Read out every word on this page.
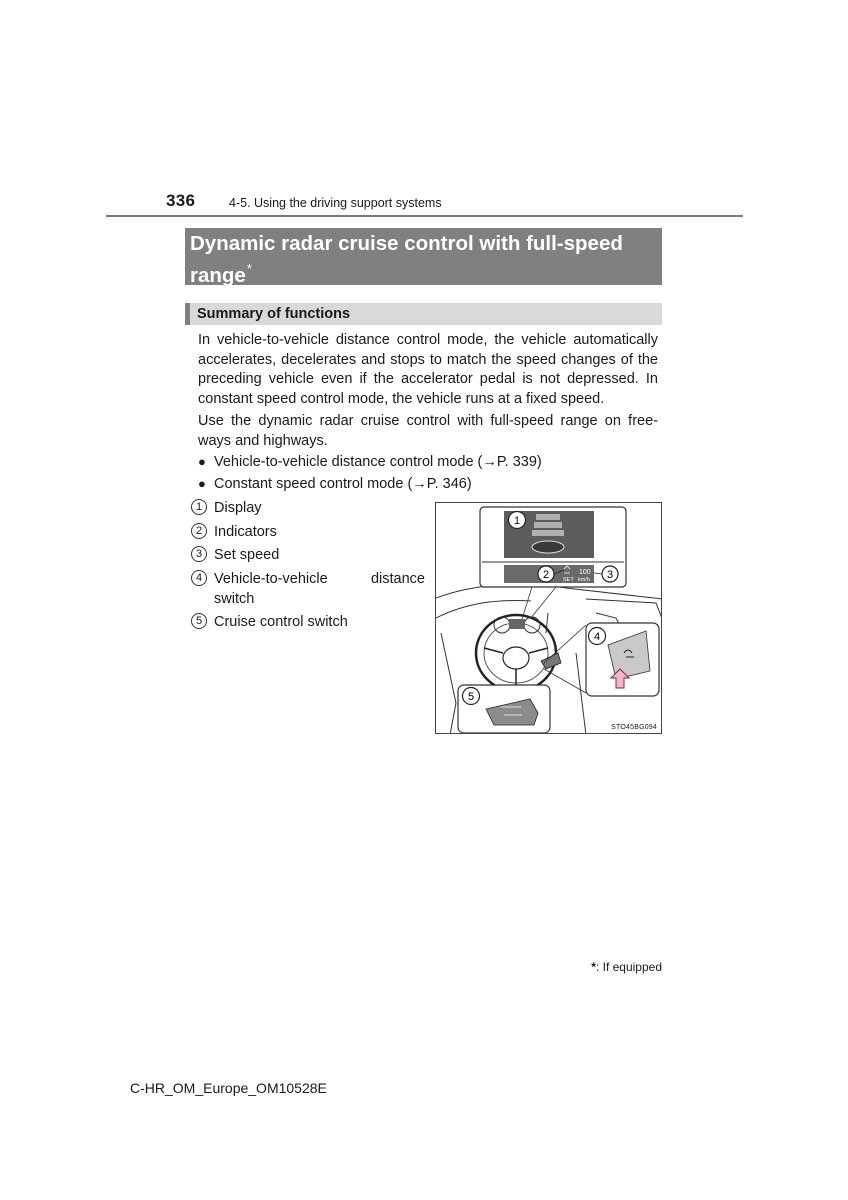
336	4-5. Using the driving support systems
Dynamic radar cruise control with full-speed range*
Summary of functions
In vehicle-to-vehicle distance control mode, the vehicle automatically accelerates, decelerates and stops to match the speed changes of the preceding vehicle even if the accelerator pedal is not depressed. In constant speed control mode, the vehicle runs at a fixed speed.
Use the dynamic radar cruise control with full-speed range on free-ways and highways.
● Vehicle-to-vehicle distance control mode (→P. 339)
● Constant speed control mode (→P. 346)
1 Display
2 Indicators
3 Set speed
4 Vehicle-to-vehicle distance switch
5 Cruise control switch
100
SET km/h
1
2	3
4
5
STO45BG094
*: If equipped
C-HR_OM_Europe_OM10528E
